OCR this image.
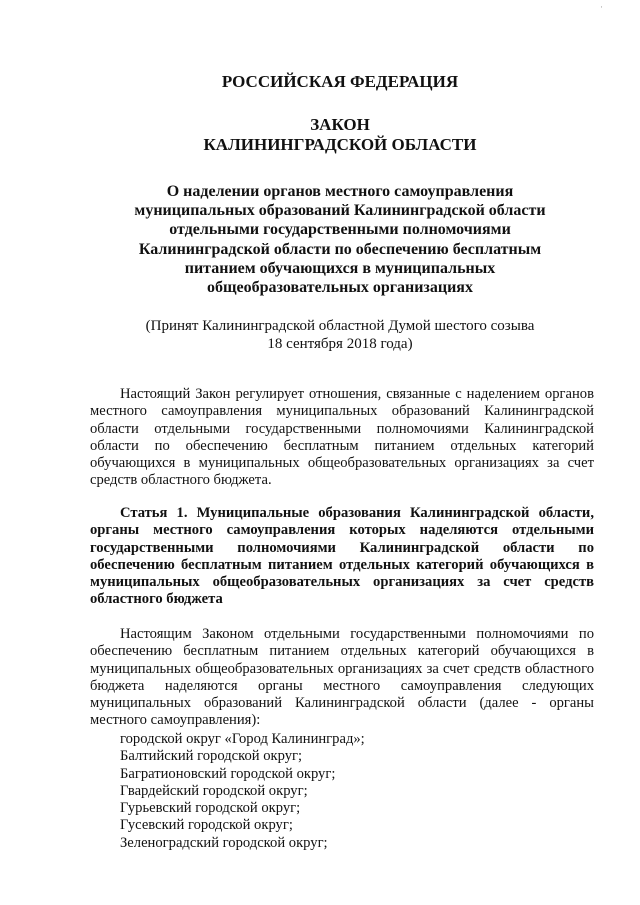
·
РОССИЙСКАЯ ФЕДЕРАЦИЯ
ЗАКОН
КАЛИНИНГРАДСКОЙ ОБЛАСТИ
О наделении органов местного самоуправления
муниципальных образований Калининградской области
отдельными государственными полномочиями
Калининградской области по обеспечению бесплатным
питанием обучающихся в муниципальных
общеобразовательных организациях
(Принят Калининградской областной Думой шестого созыва
18 сентября 2018 года)

Настоящий Закон регулирует отношения, связанные с наделением органов местного самоуправления муниципальных образований Калининградской области отдельными государственными полномочиями Калининградской области по обеспечению бесплатным питанием отдельных категорий обучающихся в муниципальных общеобразовательных организациях за счет средств областного бюджета.

Статья 1. Муниципальные образования Калининградской области, органы местного самоуправления которых наделяются отдельными государственными полномочиями Калининградской области по обеспечению бесплатным питанием отдельных категорий обучающихся в муниципальных общеобразовательных организациях за счет средств областного бюджета

Настоящим Законом отдельными государственными полномочиями по обеспечению бесплатным питанием отдельных категорий обучающихся в муниципальных общеобразовательных организациях за счет средств областного бюджета наделяются органы местного самоуправления следующих муниципальных образований Калининградской области (далее - органы местного самоуправления):

городской округ «Город Калининград»;
Балтийский городской округ;
Багратионовский городской округ;
Гвардейский городской округ;
Гурьевский городской округ;
Гусевский городской округ;
Зеленоградский городской округ;
